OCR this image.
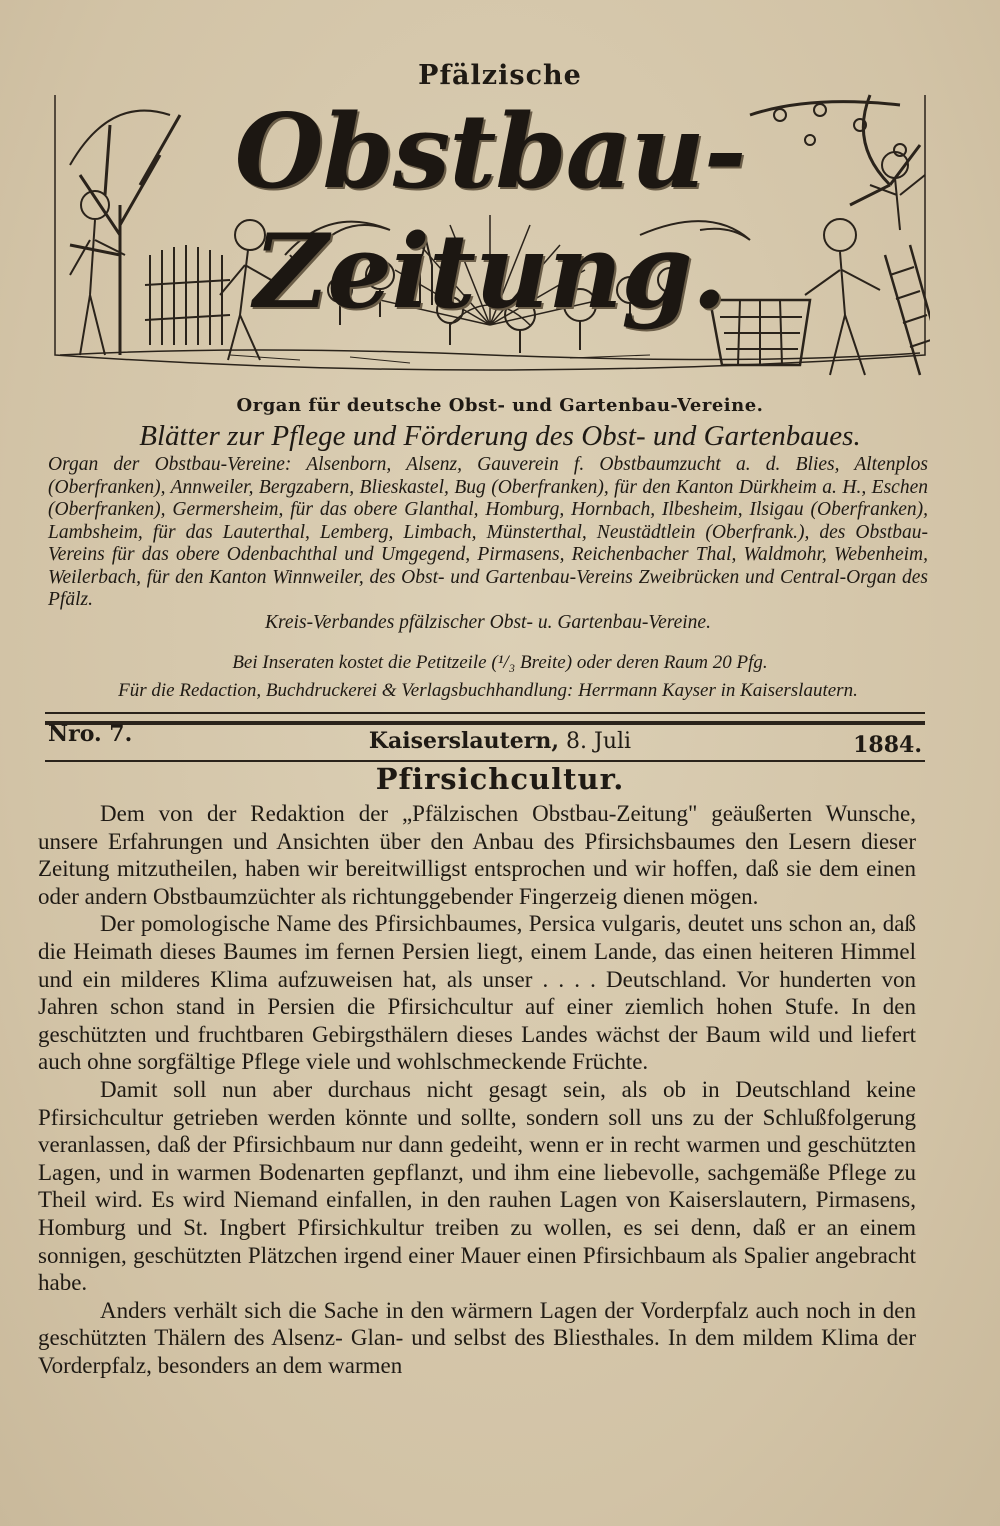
Pfälzische
Obstbau-Zeitung.
Organ für deutsche Obst- und Gartenbau-Vereine.
Blätter zur Pflege und Förderung des Obst- und Gartenbaues.
Organ der Obstbau-Vereine: Alsenborn, Alsenz, Gauverein f. Obstbaumzucht a. d. Blies, Altenplos (Oberfranken), Annweiler, Bergzabern, Blieskastel, Bug (Oberfranken), für den Kanton Dürkheim a. H., Eschen (Oberfranken), Germersheim, für das obere Glanthal, Homburg, Hornbach, Ilbesheim, Ilsigau (Oberfranken), Lambsheim, für das Lauterthal, Lemberg, Limbach, Münsterthal, Neustädtlein (Oberfrank.), des Obstbau-Vereins für das obere Odenbachthal und Umgegend, Pirmasens, Reichenbacher Thal, Waldmohr, Webenheim, Weilerbach, für den Kanton Winnweiler, des Obst- und Gartenbau-Vereins Zweibrücken und Central-Organ des Pfälz.
Kreis-Verbandes pfälzischer Obst- u. Gartenbau-Vereine.
Bei Inseraten kostet die Petitzeile (¹/₃ Breite) oder deren Raum 20 Pfg.
Für die Redaction, Buchdruckerei & Verlagsbuchhandlung: Herrmann Kayser in Kaiserslautern.
Nro. 7.	Kaiserslautern, 8. Juli	1884.
Pfirsichcultur.

Dem von der Redaktion der „Pfälzischen Obstbau-Zeitung" geäußerten Wunsche, unsere Erfahrungen und Ansichten über den Anbau des Pfirsichsbaumes den Lesern dieser Zeitung mitzutheilen, haben wir bereitwilligst entsprochen und wir hoffen, daß sie dem einen oder andern Obstbaumzüchter als richtunggebender Fingerzeig dienen mögen.

Der pomologische Name des Pfirsichbaumes, Persica vulgaris, deutet uns schon an, daß die Heimath dieses Baumes im fernen Persien liegt, einem Lande, das einen heiteren Himmel und ein milderes Klima aufzuweisen hat, als unser . . . . Deutschland. Vor hunderten von Jahren schon stand in Persien die Pfirsichcultur auf einer ziemlich hohen Stufe. In den geschützten und fruchtbaren Gebirgsthälern dieses Landes wächst der Baum wild und liefert auch ohne sorgfältige Pflege viele und wohlschmeckende Früchte.

Damit soll nun aber durchaus nicht gesagt sein, als ob in Deutschland keine Pfirsichcultur getrieben werden könnte und sollte, sondern soll uns zu der Schlußfolgerung veranlassen, daß der Pfirsichbaum nur dann gedeiht, wenn er in recht warmen und geschützten Lagen, und in warmen Bodenarten gepflanzt, und ihm eine liebevolle, sachgemäße Pflege zu Theil wird. Es wird Niemand einfallen, in den rauhen Lagen von Kaiserslautern, Pirmasens, Homburg und St. Ingbert Pfirsichkultur treiben zu wollen, es sei denn, daß er an einem sonnigen, geschützten Plätzchen irgend einer Mauer einen Pfirsichbaum als Spalier angebracht habe.

Anders verhält sich die Sache in den wärmern Lagen der Vorderpfalz auch noch in den geschützten Thälern des Alsenz- Glan- und selbst des Bliesthales. In dem mildem Klima der Vorderpfalz, besonders an dem warmen
